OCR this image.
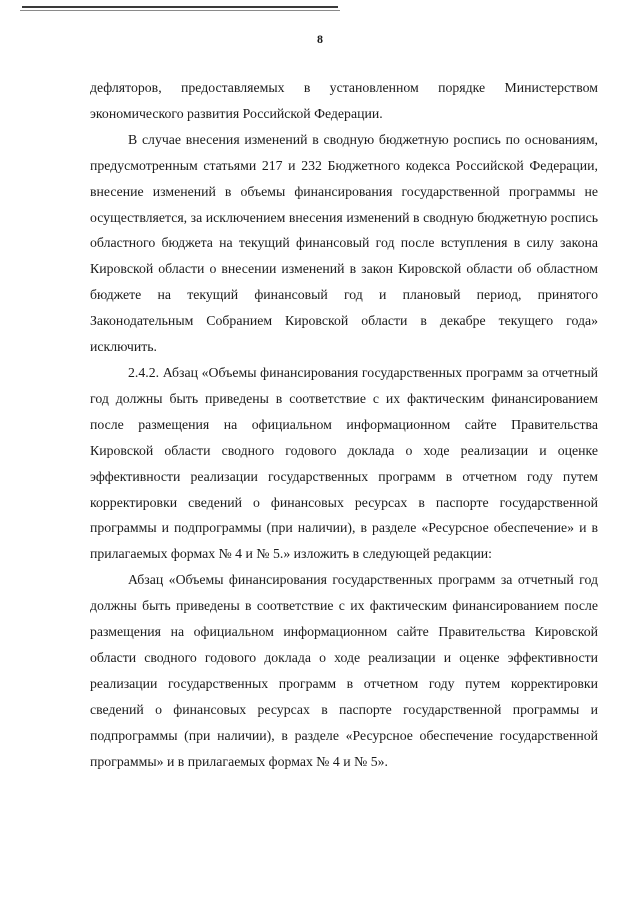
8

дефляторов, предоставляемых в установленном порядке Министерством экономического развития Российской Федерации.

В случае внесения изменений в сводную бюджетную роспись по основаниям, предусмотренным статьями 217 и 232 Бюджетного кодекса Российской Федерации, внесение изменений в объемы финансирования государственной программы не осуществляется, за исключением внесения изменений в сводную бюджетную роспись областного бюджета на текущий финансовый год после вступления в силу закона Кировской области о внесении изменений в закон Кировской области об областном бюджете на текущий финансовый год и плановый период, принятого Законодательным Собранием Кировской области в декабре текущего года» исключить.

2.4.2. Абзац «Объемы финансирования государственных программ за отчетный год должны быть приведены в соответствие с их фактическим финансированием после размещения на официальном информационном сайте Правительства Кировской области сводного годового доклада о ходе реализации и оценке эффективности реализации государственных программ в отчетном году путем корректировки сведений о финансовых ресурсах в паспорте государственной программы и подпрограммы (при наличии), в разделе «Ресурсное обеспечение» и в прилагаемых формах № 4 и № 5.» изложить в следующей редакции:

Абзац «Объемы финансирования государственных программ за отчетный год должны быть приведены в соответствие с их фактическим финансированием после размещения на официальном информационном сайте Правительства Кировской области сводного годового доклада о ходе реализации и оценке эффективности реализации государственных программ в отчетном году путем корректировки сведений о финансовых ресурсах в паспорте государственной программы и подпрограммы (при наличии), в разделе «Ресурсное обеспечение государственной программы» и в прилагаемых формах № 4 и № 5».
